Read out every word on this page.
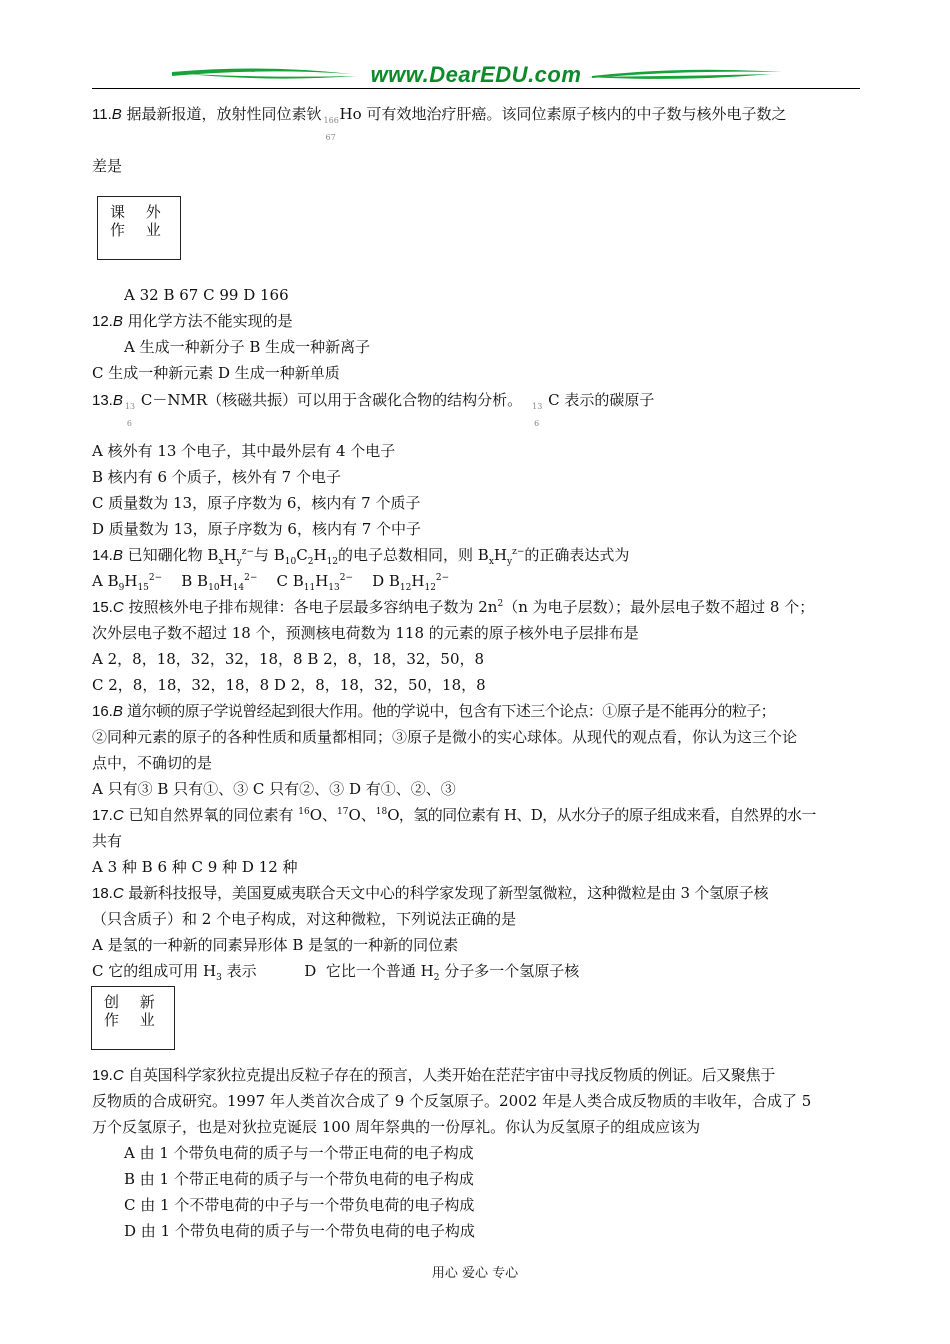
www.DearEDU.com
11.B 据最新报道，放射性同位素钬 166
67
Ho 可有效地治疗肝癌。该同位素原子核内的中子数与核外电子数之
差是
课 外
作 业
A 32 B 67 C 99 D 166
12.B 用化学方法不能实现的是
A 生成一种新分子 B 生成一种新离子
C 生成一种新元素 D 生成一种新单质
13.B 13
6
C－NMR（核磁共振）可以用于含碳化合物的结构分析。 13
6
C 表示的碳原子
A 核外有 13 个电子，其中最外层有 4 个电子
B 核内有 6 个质子，核外有 7 个电子
C 质量数为 13，原子序数为 6，核内有 7 个质子
D 质量数为 13，原子序数为 6，核内有 7 个中子
14.B 已知硼化物 $B_xH_y^{z-}$与 $B_{10}C_2H_{12}$的电子总数相同，则 $B_xH_y^{z-}$的正确表达式为
A $B_9H_{15}^{2-}$ B $B_{10}H_{14}^{2-}$ C $B_{11}H_{13}^{2-}$ D $B_{12}H_{12}^{2-}$
15.C 按照核外电子排布规律：各电子层最多容纳电子数为 $2n^2(n$ 为电子层数）；最外层电子数不超过 8 个；
次外层电子数不超过 18 个，预测核电荷数为 118 的元素的原子核外电子层排布是
A 2，8，18，32，32，18，8 B 2，8，18，32，50，8
C 2，8，18，32，18，8 D 2，8，18，32，50，18，8
16.B 道尔顿的原子学说曾经起到很大作用。他的学说中，包含有下述三个论点：①原子是不能再分的粒子；
②同种元素的原子的各种性质和质量都相同；③原子是微小的实心球体。从现代的观点看，你认为这三个论
点中，不确切的是
A 只有③ B 只有①、③ C 只有②、③ D 有①、②、③
17.C 已知自然界氧的同位素有 $^{16}$O、$^{17}$O、$^{18}$O，氢的同位素有 H、D，从水分子的原子组成来看，自然界的水一
共有
A 3 种 B 6 种 C 9 种 D 12 种
18.C 最新科技报导，美国夏威夷联合天文中心的科学家发现了新型氢微粒，这种微粒是由 3 个氢原子核
（只含质子）和 2 个电子构成，对这种微粒，下列说法正确的是
A 是氢的一种新的同素异形体 B 是氢的一种新的同位素
C 它的组成可用 $H_3$ 表示          D  它比一个普通 $H_2$ 分子多一个氢原子核
创 新
作 业
19.C 自英国科学家狄拉克提出反粒子存在的预言，人类开始在茫茫宇宙中寻找反物质的例证。后又聚焦于
反物质的合成研究。1997 年人类首次合成了 9 个反氢原子。2002 年是人类合成反物质的丰收年，合成了 5
万个反氢原子，也是对狄拉克诞辰 100 周年祭典的一份厚礼。你认为反氢原子的组成应该为
A 由 1 个带负电荷的质子与一个带正电荷的电子构成
B 由 1 个带正电荷的质子与一个带负电荷的电子构成
C 由 1 个不带电荷的中子与一个带负电荷的电子构成
D 由 1 个带负电荷的质子与一个带负电荷的电子构成
用心 爱心 专心
